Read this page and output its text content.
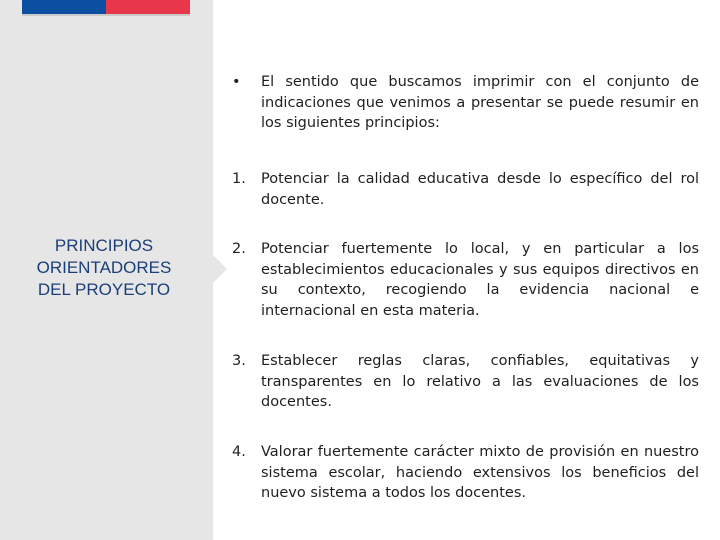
PRINCIPIOS
ORIENTADORES
DEL PROYECTO
•	El sentido que buscamos imprimir con el conjunto de indicaciones que venimos a presentar se puede resumir en los siguientes principios:
1.	Potenciar la calidad educativa desde lo específico del rol docente.
2.	Potenciar fuertemente lo local, y en particular a los establecimientos educacionales y sus equipos directivos en su contexto, recogiendo la evidencia nacional e internacional en esta materia.
3.	Establecer reglas claras, confiables, equitativas y transparentes en lo relativo a las evaluaciones de los docentes.
4.	Valorar fuertemente carácter mixto de provisión en nuestro sistema escolar, haciendo extensivos los beneficios del nuevo sistema a todos los docentes.
